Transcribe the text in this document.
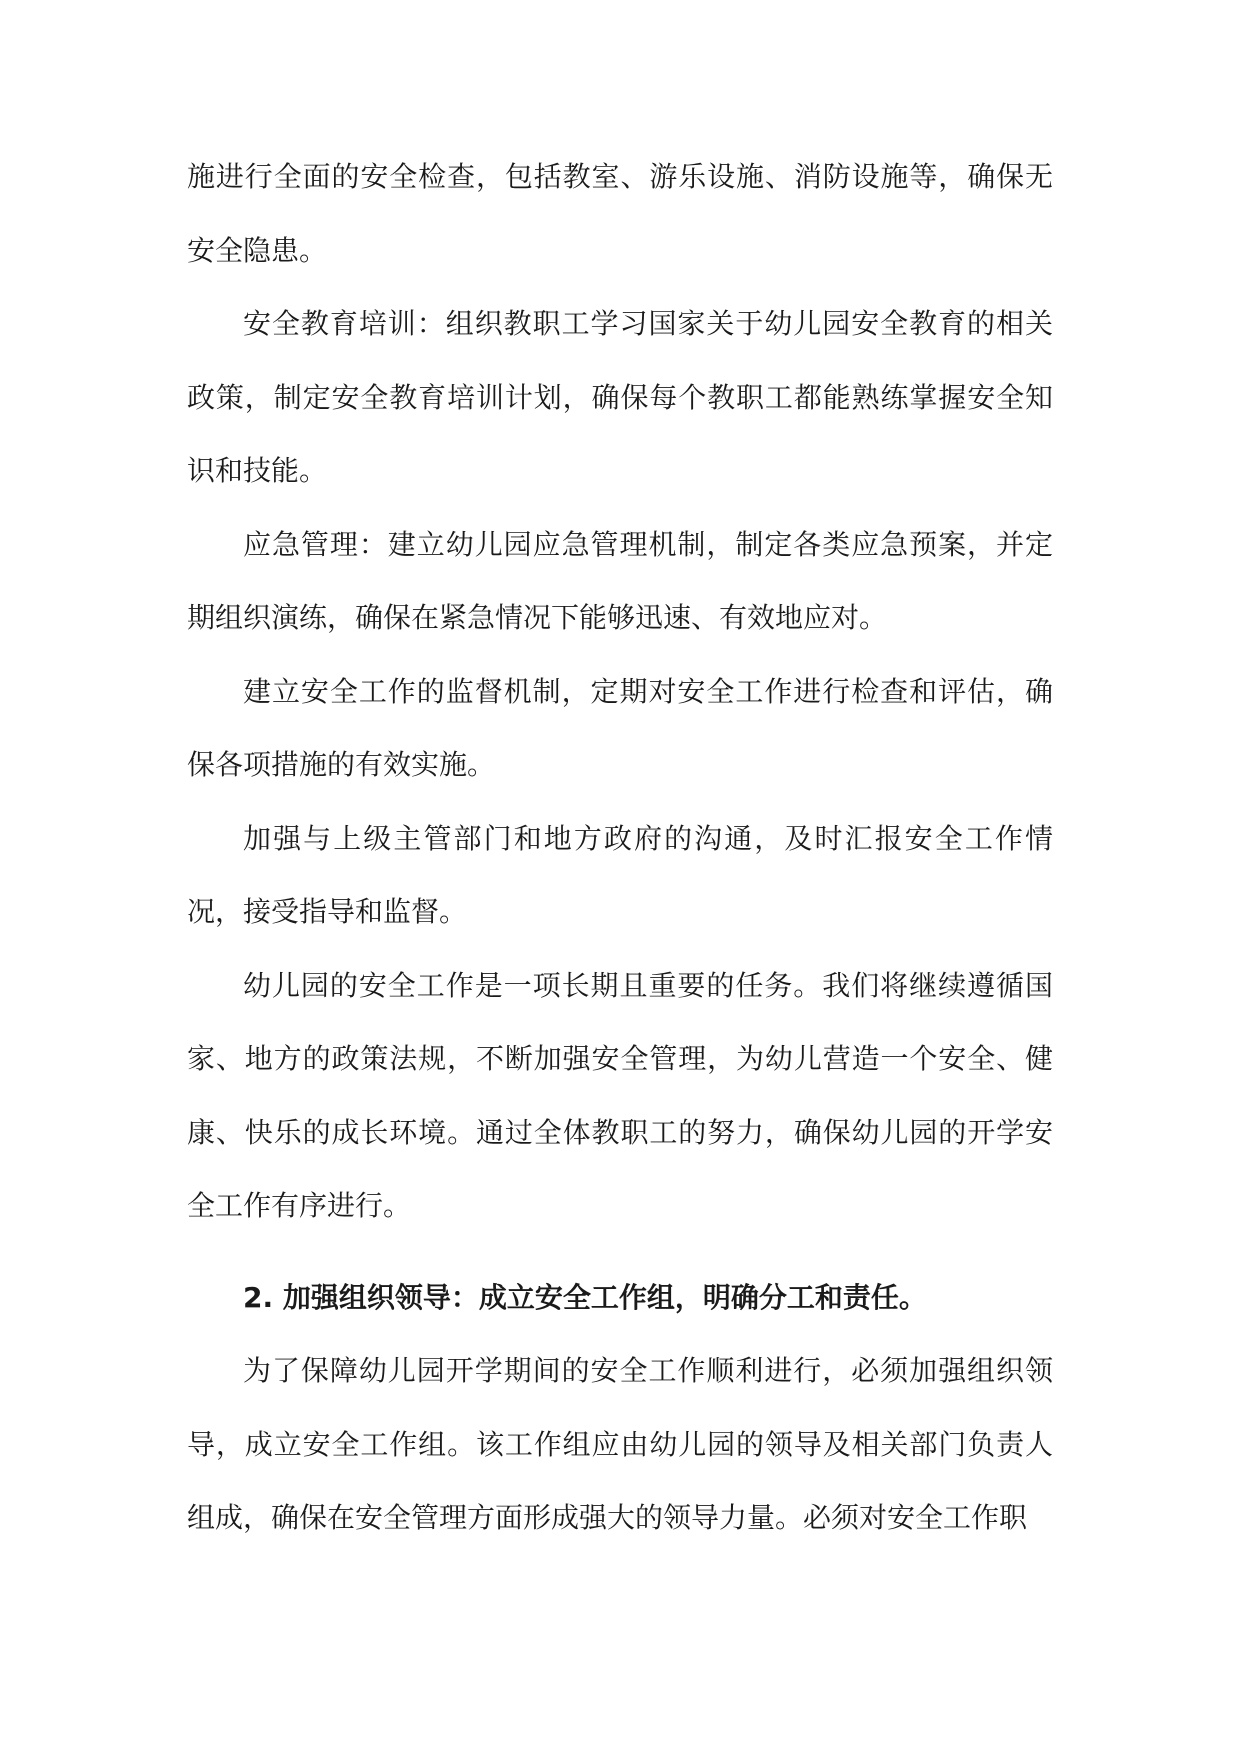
施进行全面的安全检查，包括教室、游乐设施、消防设施等，确保无安全隐患。

安全教育培训：组织教职工学习国家关于幼儿园安全教育的相关政策，制定安全教育培训计划，确保每个教职工都能熟练掌握安全知识和技能。

应急管理：建立幼儿园应急管理机制，制定各类应急预案，并定期组织演练，确保在紧急情况下能够迅速、有效地应对。

建立安全工作的监督机制，定期对安全工作进行检查和评估，确保各项措施的有效实施。

加强与上级主管部门和地方政府的沟通，及时汇报安全工作情况，接受指导和监督。

幼儿园的安全工作是一项长期且重要的任务。我们将继续遵循国家、地方的政策法规，不断加强安全管理，为幼儿营造一个安全、健康、快乐的成长环境。通过全体教职工的努力，确保幼儿园的开学安全工作有序进行。

2. 加强组织领导：成立安全工作组，明确分工和责任。

为了保障幼儿园开学期间的安全工作顺利进行，必须加强组织领导，成立安全工作组。该工作组应由幼儿园的领导及相关部门负责人组成，确保在安全管理方面形成强大的领导力量。必须对安全工作职
